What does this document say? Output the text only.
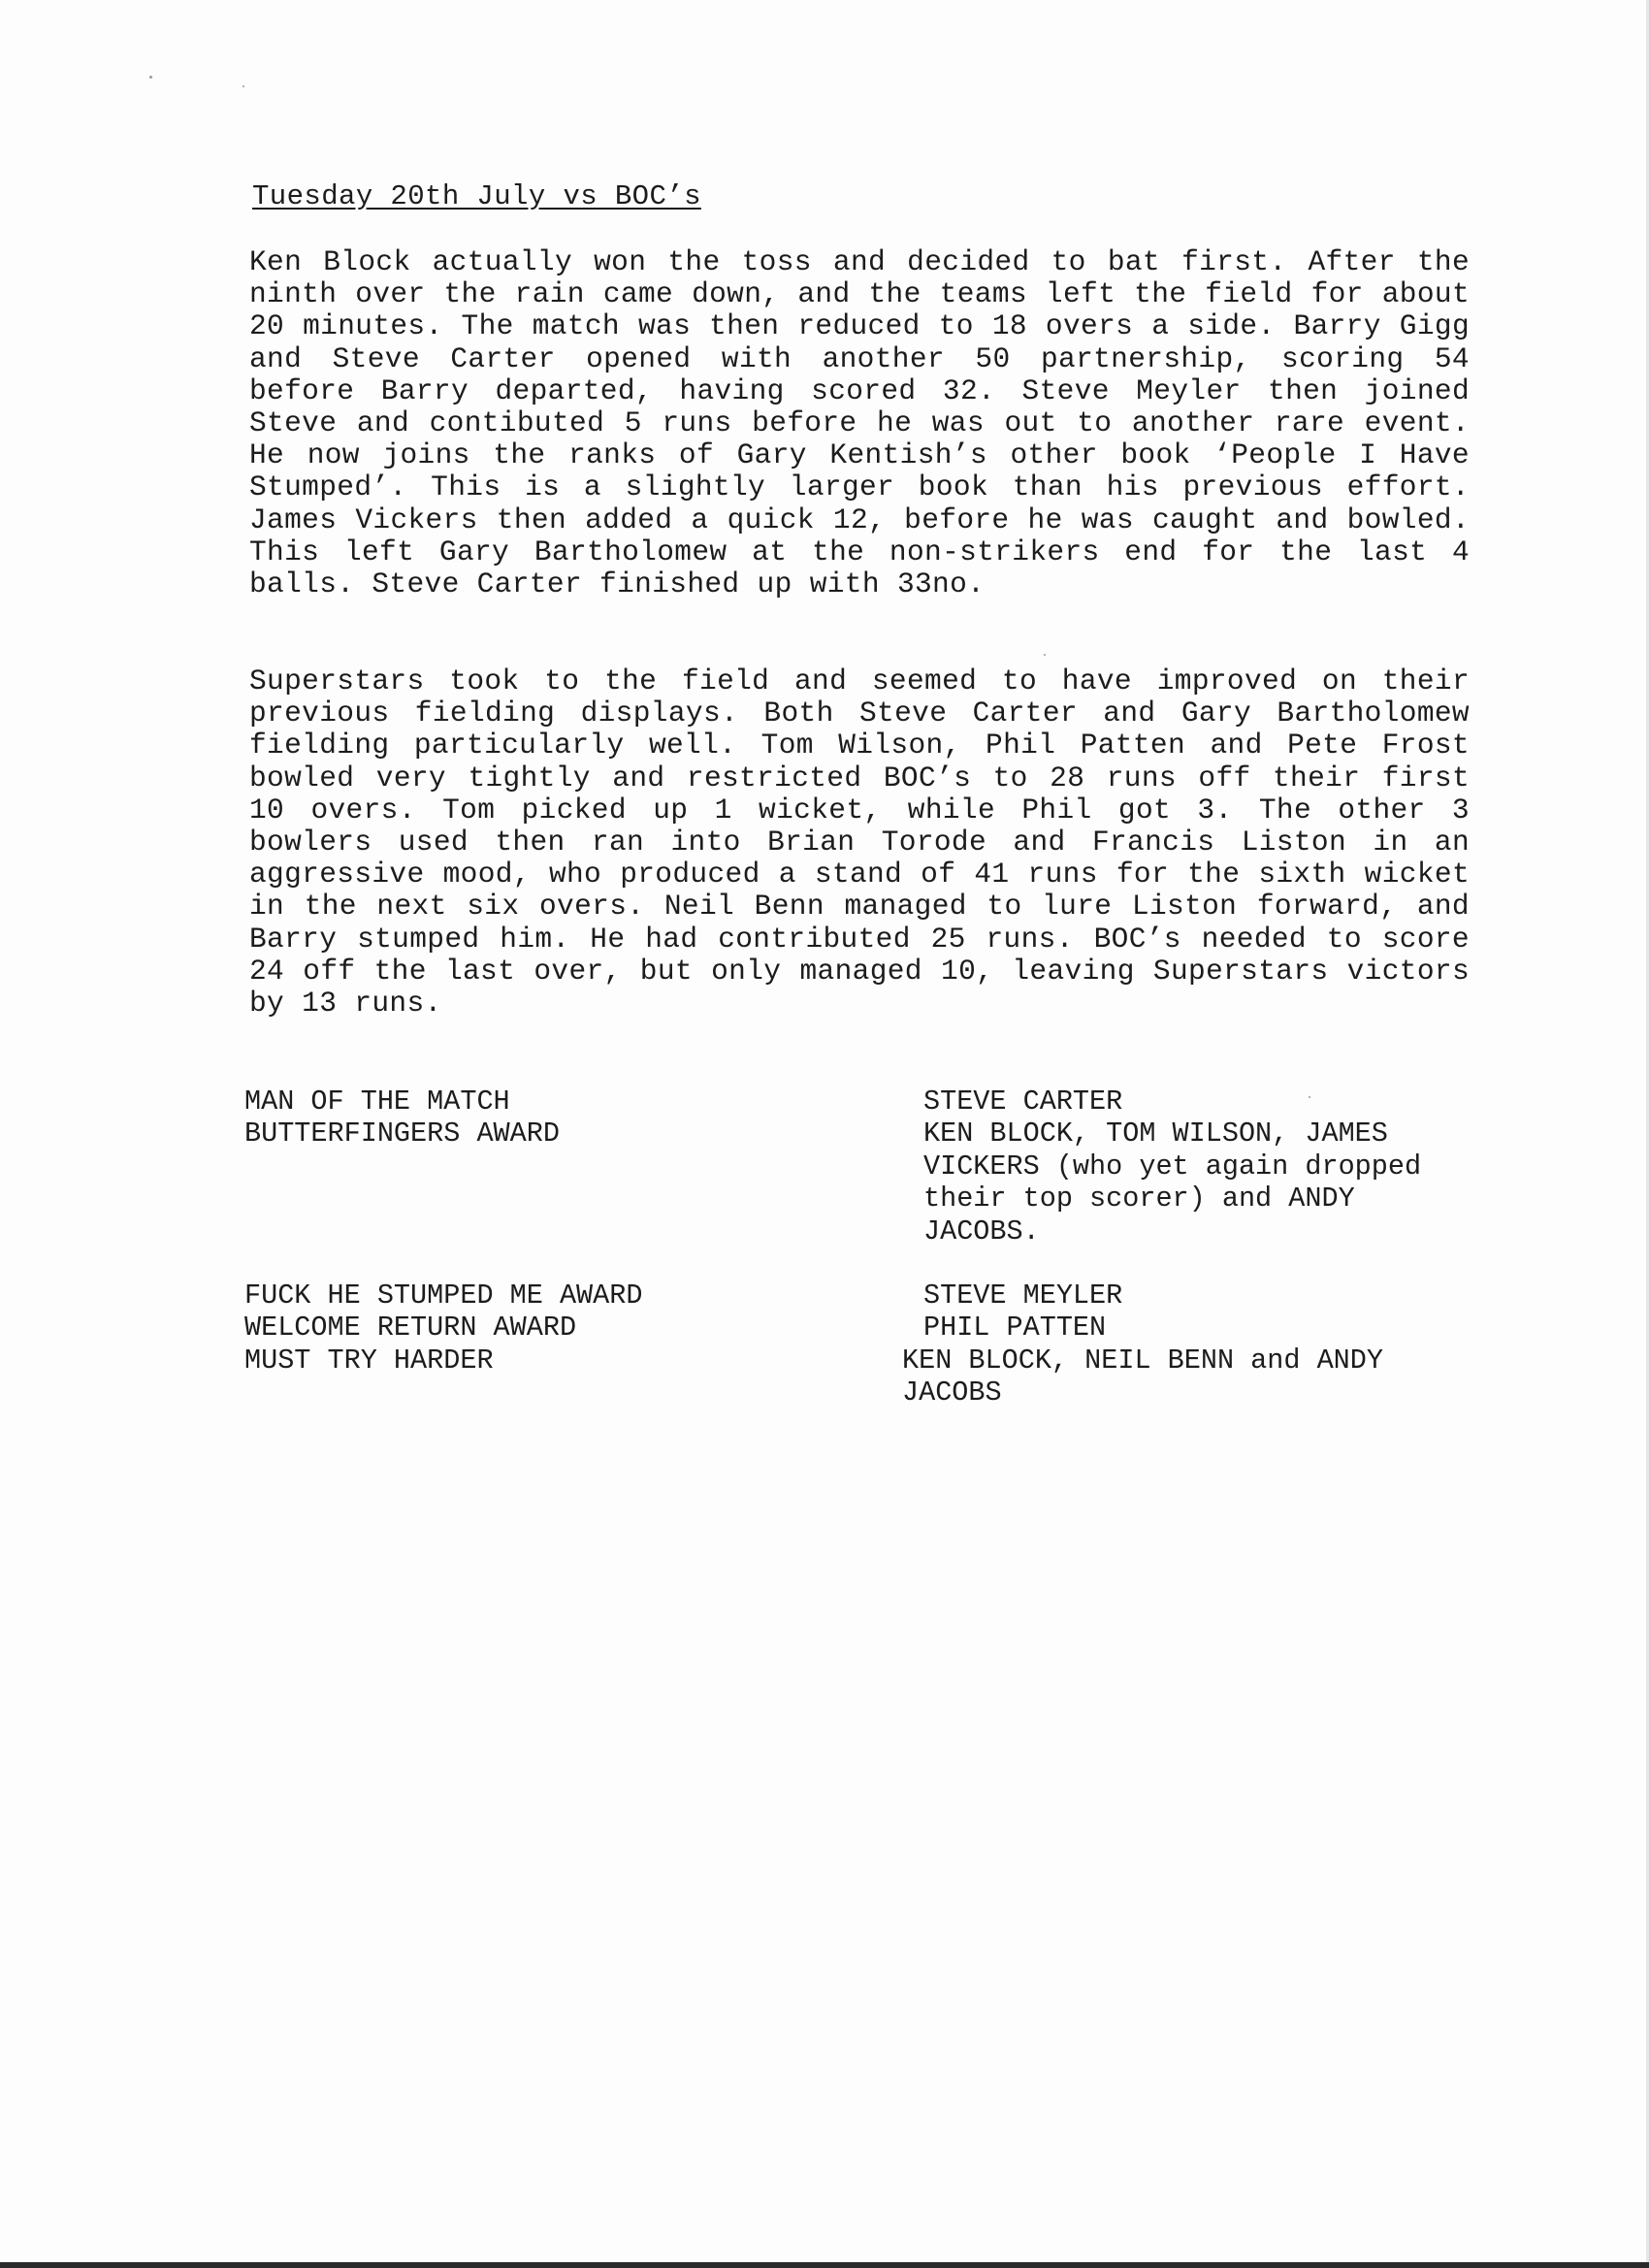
Tuesday 20th July vs BOC’s

Ken Block actually won the toss and decided to bat first. After the ninth over the rain came down, and the teams left the field for about 20 minutes. The match was then reduced to 18 overs a side. Barry Gigg and Steve Carter opened with another 50 partnership, scoring 54 before Barry departed, having scored 32. Steve Meyler then joined Steve and contibuted 5 runs before he was out to another rare event. He now joins the ranks of Gary Kentish’s other book ‘People I Have Stumped’. This is a slightly larger book than his previous effort. James Vickers then added a quick 12, before he was caught and bowled. This left Gary Bartholomew at the non-strikers end for the last 4 balls. Steve Carter finished up with 33no.

Superstars took to the field and seemed to have improved on their previous fielding displays. Both Steve Carter and Gary Bartholomew fielding particularly well. Tom Wilson, Phil Patten and Pete Frost bowled very tightly and restricted BOC’s to 28 runs off their first 10 overs. Tom picked up 1 wicket, while Phil got 3. The other 3 bowlers used then ran into Brian Torode and Francis Liston in an aggressive mood, who produced a stand of 41 runs for the sixth wicket in the next six overs. Neil Benn managed to lure Liston forward, and Barry stumped him. He had contributed 25 runs. BOC’s needed to score 24 off the last over, but only managed 10, leaving Superstars victors by 13 runs.

MAN OF THE MATCH	STEVE CARTER
BUTTERFINGERS AWARD	KEN BLOCK, TOM WILSON, JAMES VICKERS (who yet again dropped their top scorer) and ANDY JACOBS.
FUCK HE STUMPED ME AWARD	STEVE MEYLER
WELCOME RETURN AWARD	PHIL PATTEN
MUST TRY HARDER	KEN BLOCK, NEIL BENN and ANDY JACOBS
